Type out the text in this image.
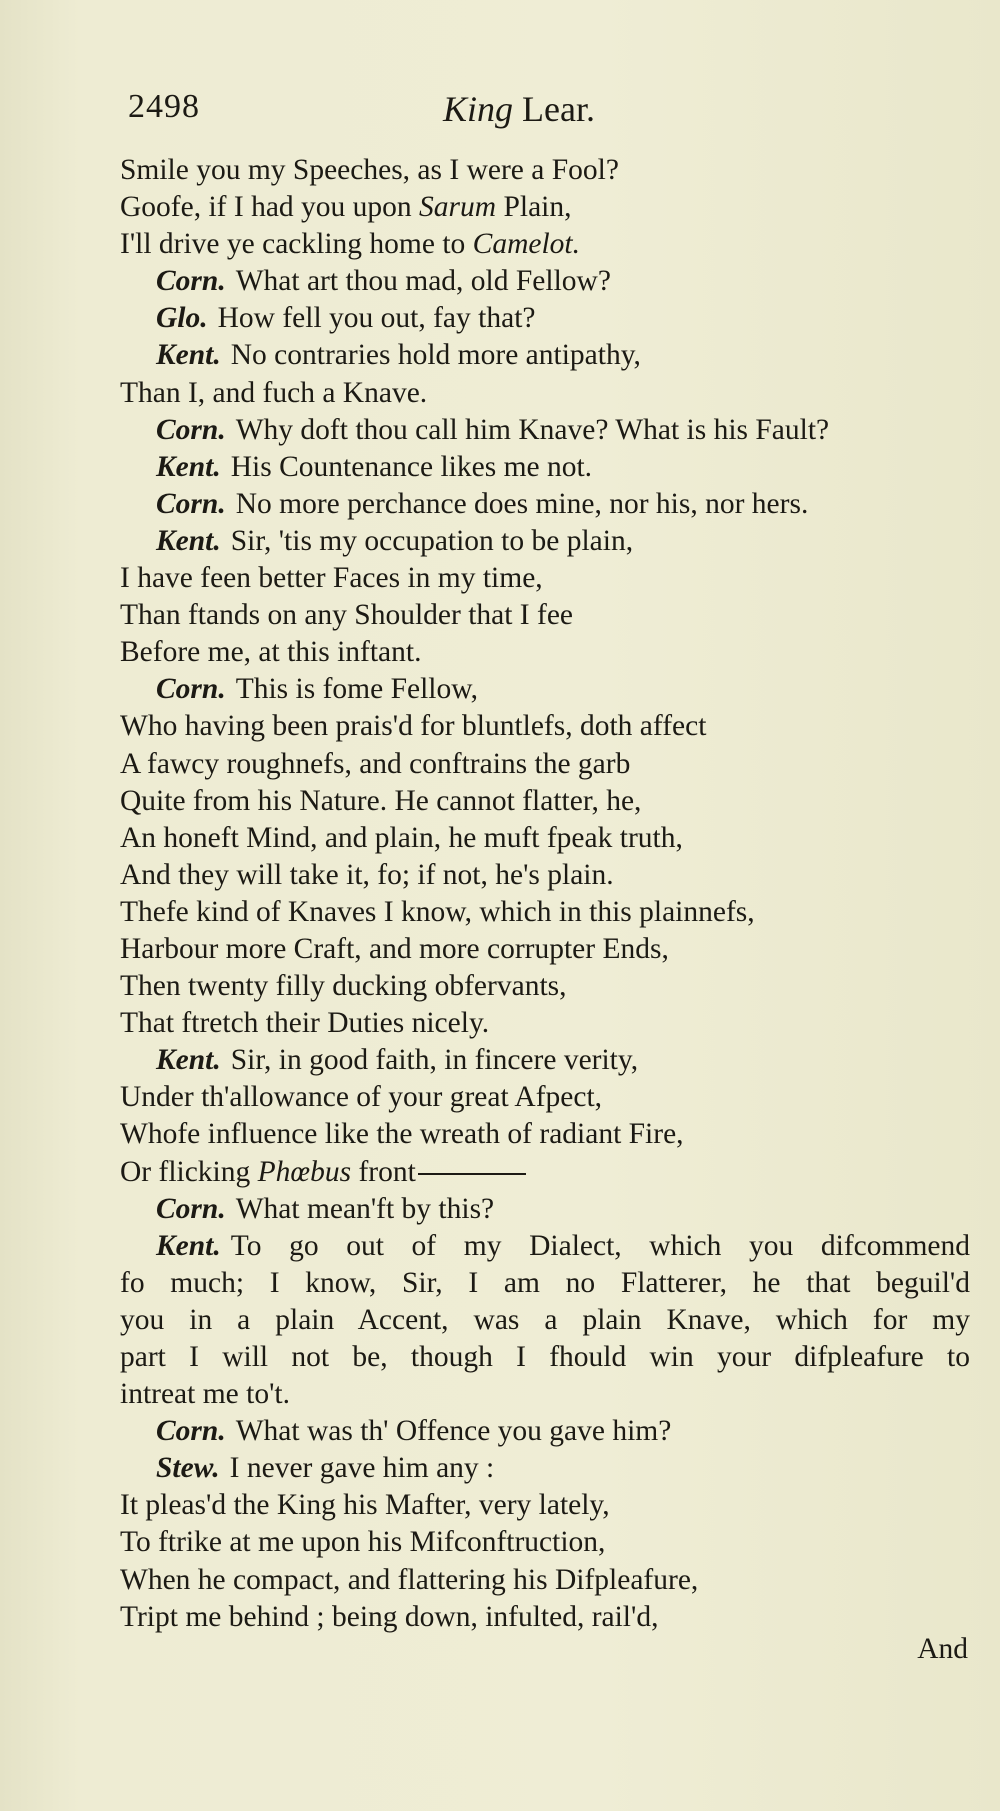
2498	King Lear.
Smile you my Speeches, as I were a Fool?
Goofe, if I had you upon Sarum Plain,
I'll drive ye cackling home to Camelot.
Corn. What art thou mad, old Fellow?
Glo. How fell you out, fay that?
Kent. No contraries hold more antipathy,
Than I, and fuch a Knave.
Corn. Why doft thou call him Knave? What is his Fault?
Kent. His Countenance likes me not.
Corn. No more perchance does mine, nor his, nor hers.
Kent. Sir, 'tis my occupation to be plain,
I have feen better Faces in my time,
Than ftands on any Shoulder that I fee
Before me, at this inftant.
Corn. This is fome Fellow,
Who having been prais'd for bluntlefs, doth affect
A fawcy roughnefs, and conftrains the garb
Quite from his Nature. He cannot flatter, he,
An honeft Mind, and plain, he muft fpeak truth,
And they will take it, fo; if not, he's plain.
Thefe kind of Knaves I know, which in this plainnefs,
Harbour more Craft, and more corrupter Ends,
Then twenty filly ducking obfervants,
That ftretch their Duties nicely.
Kent. Sir, in good faith, in fincere verity,
Under th'allowance of your great Afpect,
Whofe influence like the wreath of radiant Fire,
Or flicking Phœbus front
Corn. What mean'ft by this?
Kent. To go out of my Dialect, which you difcommend
fo much; I know, Sir, I am no Flatterer, he that beguil'd
you in a plain Accent, was a plain Knave, which for my
part I will not be, though I fhould win your difpleafure to
intreat me to't.
Corn. What was th' Offence you gave him?
Stew. I never gave him any :
It pleas'd the King his Mafter, very lately,
To ftrike at me upon his Mifconftruction,
When he compact, and flattering his Difpleafure,
Tript me behind ; being down, infulted, rail'd,
And
